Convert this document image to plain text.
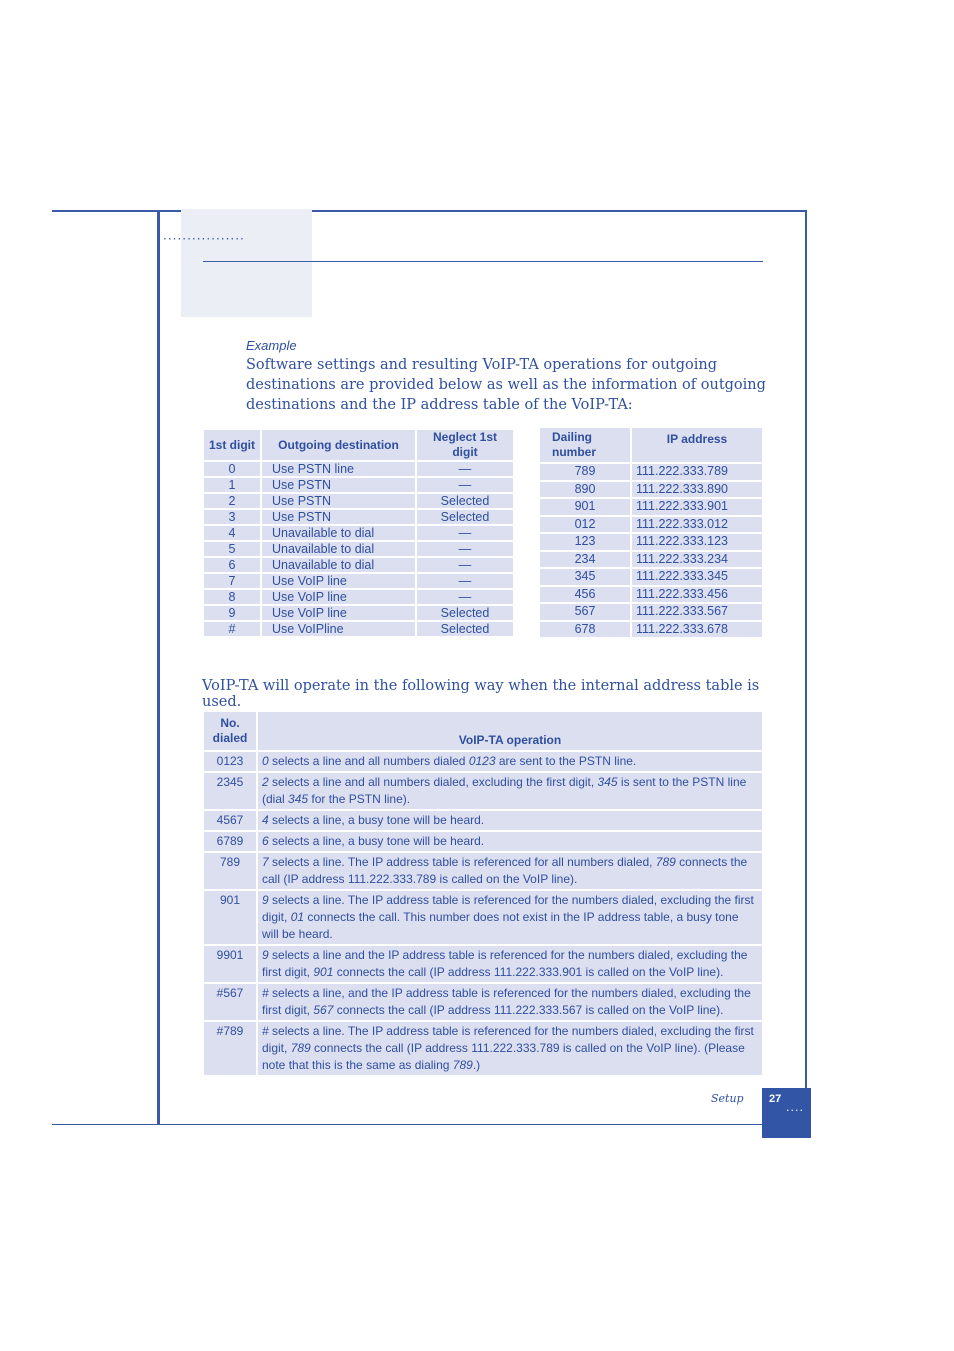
·················
Example
Software settings and resulting VoIP-TA operations for outgoing destinations are provided below as well as the information of outgoing destinations and the IP address table of the VoIP-TA:
1st digit	Outgoing destination	Neglect 1st digit
0	Use PSTN line	—
1	Use PSTN	—
2	Use PSTN	Selected
3	Use PSTN	Selected
4	Unavailable to dial	—
5	Unavailable to dial	—
6	Unavailable to dial	—
7	Use VoIP line	—
8	Use VoIP line	—
9	Use VoIP line	Selected
#	Use VoIPline	Selected
Dailing number	IP address
789	111.222.333.789
890	111.222.333.890
901	111.222.333.901
012	111.222.333.012
123	111.222.333.123
234	111.222.333.234
345	111.222.333.345
456	111.222.333.456
567	111.222.333.567
678	111.222.333.678
VoIP-TA will operate in the following way when the internal address table is used.
No. dialed	VoIP-TA operation
0123	0 selects a line and all numbers dialed 0123 are sent to the PSTN line.
2345	2 selects a line and all numbers dialed, excluding the first digit, 345 is sent to the PSTN line (dial 345 for the PSTN line).
4567	4 selects a line, a busy tone will be heard.
6789	6 selects a line, a busy tone will be heard.
789	7 selects a line. The IP address table is referenced for all numbers dialed, 789 connects the call (IP address 111.222.333.789 is called on the VoIP line).
901	9 selects a line. The IP address table is referenced for the numbers dialed, excluding the first digit, 01 connects the call. This number does not exist in the IP address table, a busy tone will be heard.
9901	9 selects a line and the IP address table is referenced for the numbers dialed, excluding the first digit, 901 connects the call (IP address 111.222.333.901 is called on the VoIP line).
#567	# selects a line, and the IP address table is referenced for the numbers dialed, excluding the first digit, 567 connects the call (IP address 111.222.333.567 is called on the VoIP line).
#789	# selects a line. The IP address table is referenced for the numbers dialed, excluding the first digit, 789 connects the call (IP address 111.222.333.789 is called on the VoIP line). (Please note that this is the same as dialing 789.)
Setup 27
····
